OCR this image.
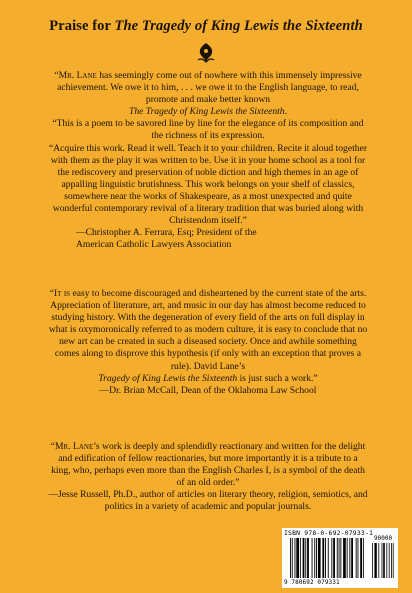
Praise for The Tragedy of King Lewis the Sixteenth

“Mr. Lane has seemingly come out of nowhere with this immensely impressive achievement. We owe it to him, . . . we owe it to the English language, to read, promote and make better known
The Tragedy of King Lewis the Sixteenth.

“This is a poem to be savored line by line for the elegance of its composition and the richness of its expression.

“Acquire this work. Read it well. Teach it to your children. Recite it aloud together with them as the play it was written to be. Use it in your home school as a tool for the rediscovery and preservation of noble diction and high themes in an age of appalling linguistic brutishness. This work belongs on your shelf of classics, somewhere near the works of Shakespeare, as a most unexpected and quite wonderful contemporary revival of a literary tradition that was buried along with Christendom itself.”

—Christopher A. Ferrara, Esq; President of the

American Catholic Lawyers Association

“It is easy to become discouraged and disheartened by the current state of the arts. Appreciation of literature, art, and music in our day has almost become reduced to studying history. With the degeneration of every field of the arts on full display in what is oxymoronically referred to as modern culture, it is easy to conclude that no new art can be created in such a diseased society. Once and awhile something comes along to disprove this hypothesis (if only with an exception that proves a rule). David Lane’s
Tragedy of King Lewis the Sixteenth is just such a work.”

—Dr. Brian McCall, Dean of the Oklahoma Law School

“Mr. Lane’s work is deeply and splendidly reactionary and written for the delight and edification of fellow reactionaries, but more importantly it is a tribute to a king, who, perhaps even more than the English Charles I, is a symbol of the death of an old order.”

—Jesse Russell, Ph.D., author of articles on literary theory, religion, semiotics, and politics in a variety of academic and popular journals.

ISBN 978-0-692-07933-1
90000
9 780692 079331
